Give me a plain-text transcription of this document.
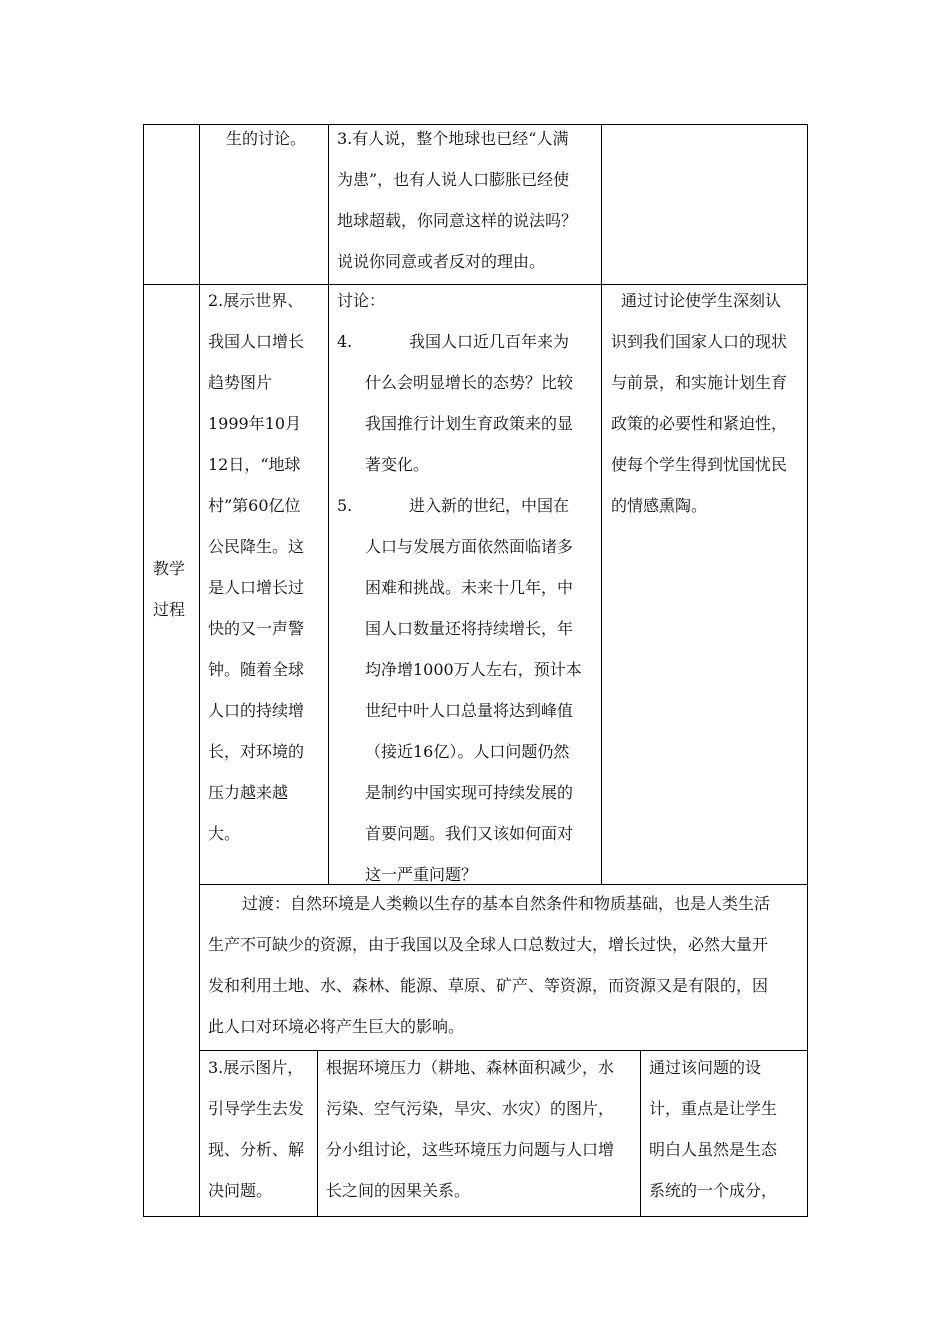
生的讨论。 3.有人说，整个地球也已经“人满

为患”，也有人说人口膨胀已经使

地球超载，你同意这样的说法吗？

说说你同意或者反对的理由。

教学

过程

2.展示世界、

我国人口增长

趋势图片

1999年10月

12日，“地球

村”第60亿位

公民降生。这

是人口增长过

快的又一声警

钟。随着全球

人口的持续增

长，对环境的

压力越来越

大。

讨论：

4.	我国人口近几百年来为

什么会明显增长的态势？比较

我国推行计划生育政策来的显

著变化。

5.	进入新的世纪，中国在

人口与发展方面依然面临诸多

困难和挑战。未来十几年，中

国人口数量还将持续增长，年

均净增1000万人左右，预计本

世纪中叶人口总量将达到峰值

（接近16亿）。人口问题仍然

是制约中国实现可持续发展的

首要问题。我们又该如何面对

这一严重问题？

通过讨论使学生深刻认

识到我们国家人口的现状

与前景，和实施计划生育

政策的必要性和紧迫性，

使每个学生得到忧国忧民

的情感熏陶。

过渡：自然环境是人类赖以生存的基本自然条件和物质基础，也是人类生活

生产不可缺少的资源，由于我国以及全球人口总数过大，增长过快，必然大量开

发和利用土地、水、森林、能源、草原、矿产、等资源，而资源又是有限的，因

此人口对环境必将产生巨大的影响。

3.展示图片，

引导学生去发

现、分析、解

决问题。

根据环境压力（耕地、森林面积减少，水

污染、空气污染，旱灾、水灾）的图片，

分小组讨论，这些环境压力问题与人口增

长之间的因果关系。

通过该问题的设

计，重点是让学生

明白人虽然是生态

系统的一个成分，
